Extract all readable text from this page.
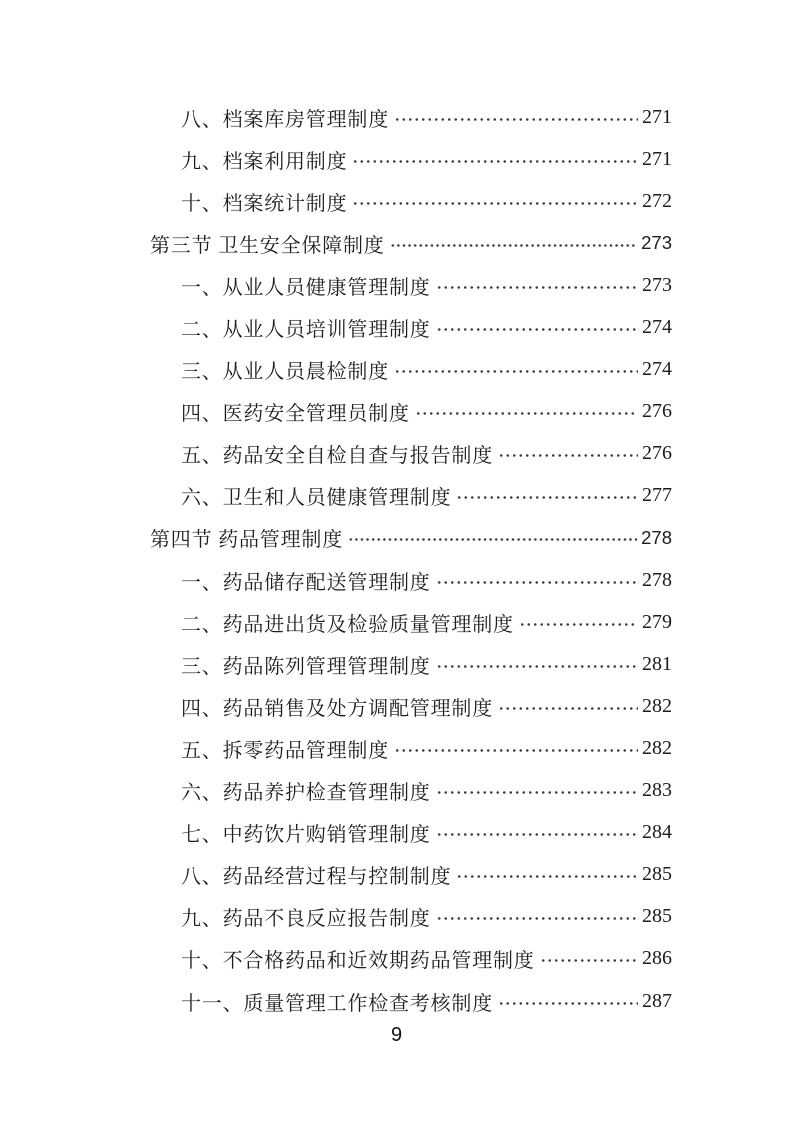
八、档案库房管理制度	271
九、档案利用制度	271
十、档案统计制度	272
第三节 卫生安全保障制度	273
一、从业人员健康管理制度	273
二、从业人员培训管理制度	274
三、从业人员晨检制度	274
四、医药安全管理员制度	276
五、药品安全自检自查与报告制度	276
六、卫生和人员健康管理制度	277
第四节 药品管理制度	278
一、药品储存配送管理制度	278
二、药品进出货及检验质量管理制度	279
三、药品陈列管理管理制度	281
四、药品销售及处方调配管理制度	282
五、拆零药品管理制度	282
六、药品养护检查管理制度	283
七、中药饮片购销管理制度	284
八、药品经营过程与控制制度	285
九、药品不良反应报告制度	285
十、不合格药品和近效期药品管理制度	286
十一、质量管理工作检查考核制度	287
9
